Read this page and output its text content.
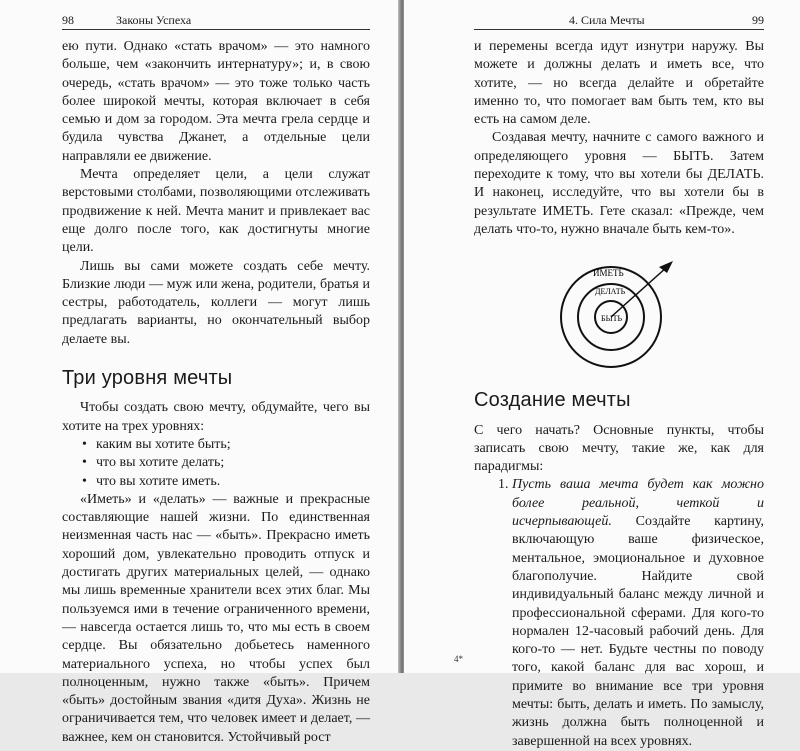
98	Законы Успеха

ею пути. Однако «стать врачом» — это намного больше, чем «закончить интернатуру»; и, в свою очередь, «стать врачом» — это тоже только часть более широкой мечты, которая включает в себя семью и дом за городом. Эта мечта грела сердце и будила чувства Джанет, а отдельные цели направляли ее движение.

Мечта определяет цели, а цели служат верстовыми столбами, позволяющими отслеживать продвижение к ней. Мечта манит и привлекает вас еще долго после того, как достигнуты многие цели.

Лишь вы сами можете создать себе мечту. Близкие люди — муж или жена, родители, братья и сестры, работодатель, коллеги — могут лишь предлагать варианты, но окончательный выбор делаете вы.

Три уровня мечты

Чтобы создать свою мечту, обдумайте, чего вы хотите на трех уровнях:

• каким вы хотите быть;
• что вы хотите делать;
• что вы хотите иметь.

«Иметь» и «делать» — важные и прекрасные составляющие нашей жизни. По единственная неизменная часть нас — «быть». Прекрасно иметь хороший дом, увлекательно проводить отпуск и достигать других материальных целей, — однако мы лишь временные хранители всех этих благ. Мы пользуемся ими в течение ограниченного времени, — навсегда остается лишь то, что мы есть в своем сердце. Вы обязательно добьетесь наменного материального успеха, но чтобы успех был полноценным, нужно также «быть». Причем «быть» достойным звания «дитя Духа». Жизнь не ограничивается тем, что человек имеет и делает, — важнее, кем он становится. Устойчивый рост

4. Сила Мечты	99

и перемены всегда идут изнутри наружу. Вы можете и должны делать и иметь все, что хотите, — но всегда делайте и обретайте именно то, что помогает вам быть тем, кто вы есть на самом деле.

Создавая мечту, начните с самого важного и определяющего уровня — БЫТЬ. Затем переходите к тому, что вы хотели бы ДЕЛАТЬ. И наконец, исследуйте, что вы хотели бы в результате ИМЕТЬ. Гете сказал: «Прежде, чем делать что-то, нужно вначале быть кем-то».

ИМЕТЬ
ДЕЛАТЬ
БЫТЬ
Создание мечты

С чего начать? Основные пункты, чтобы записать свою мечту, такие же, как для парадигмы:

1. Пусть ваша мечта будет как можно более реальной, четкой и исчерпывающей. Создайте картину, включающую ваше физическое, ментальное, эмоциональное и духовное благополучие. Найдите свой индивидуальный баланс между личной и профессиональной сферами. Для кого-то нормален 12-часовый рабочий день. Для кого-то — нет. Будьте честны по поводу того, какой баланс для вас хорош, и примите во внимание все три уровня мечты: быть, делать и иметь. По замыслу, жизнь должна быть полноценной и завершенной на всех уровнях.
4*
